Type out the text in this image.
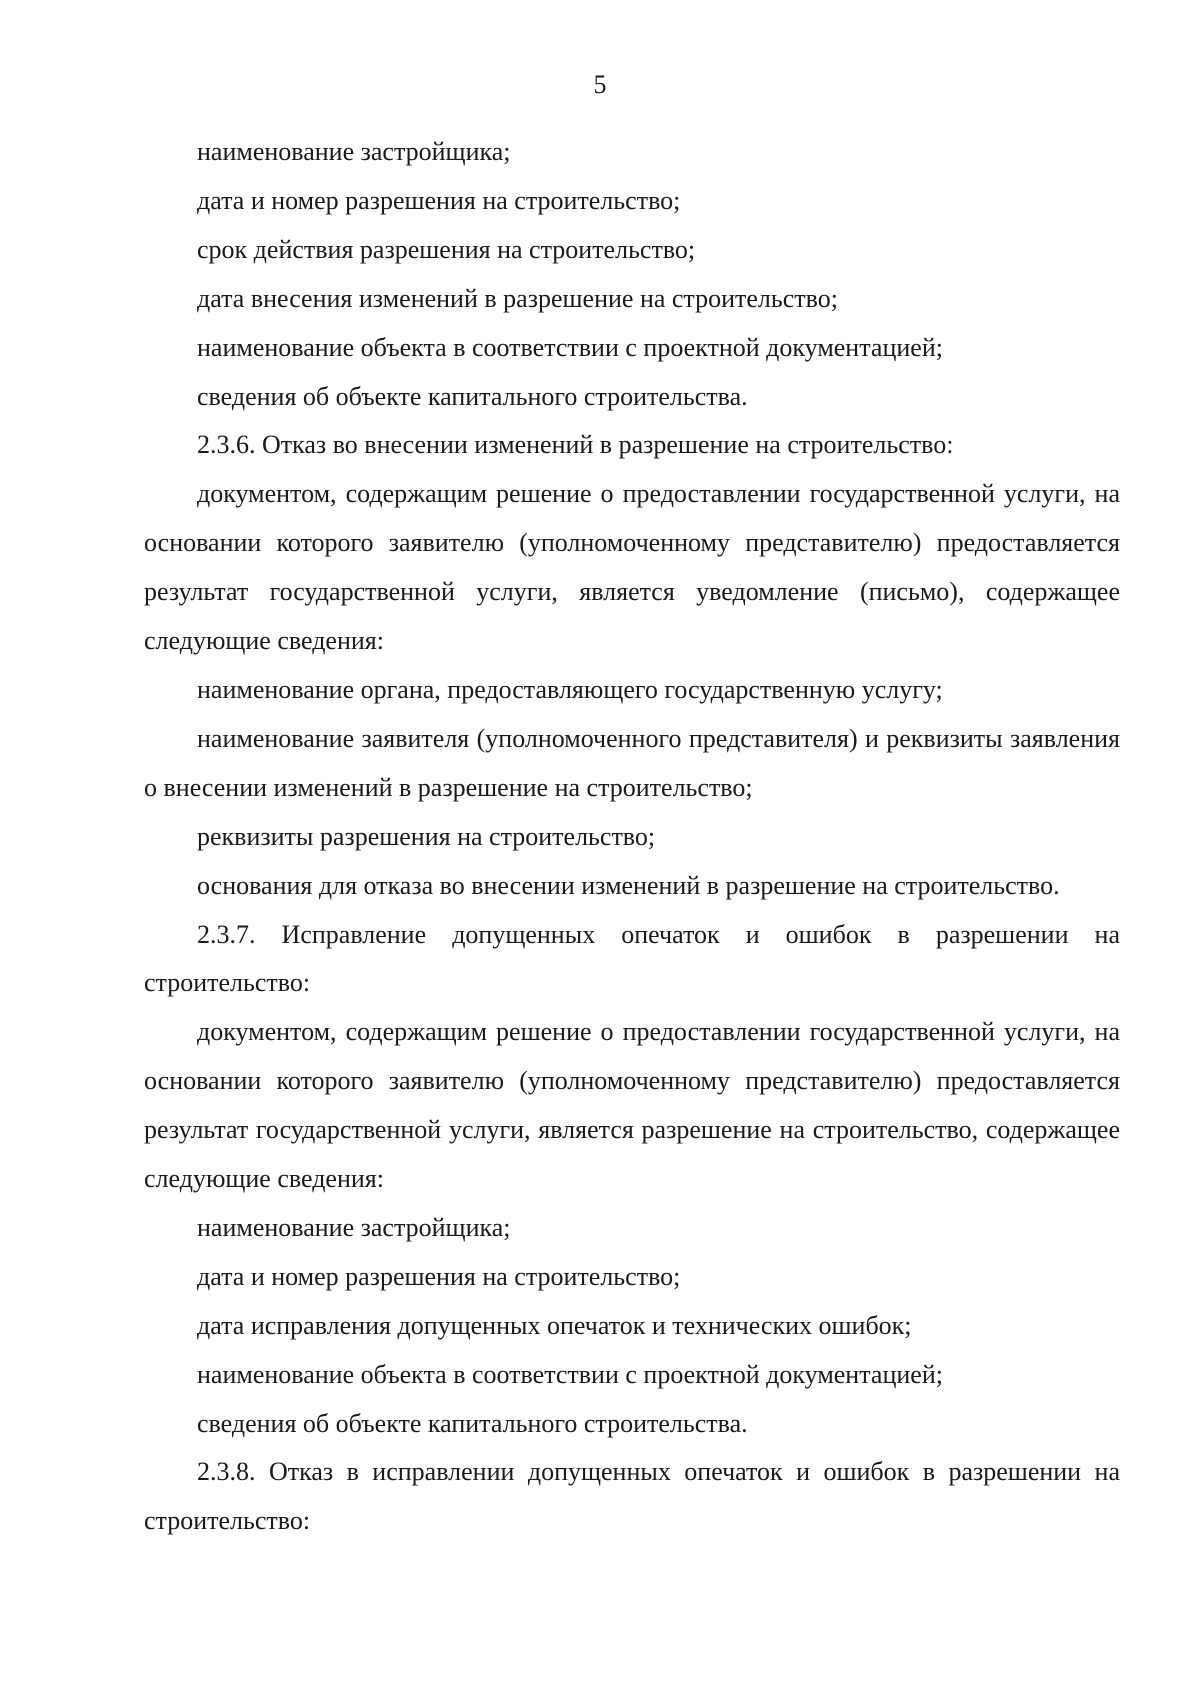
5

наименование застройщика;

дата и номер разрешения на строительство;

срок действия разрешения на строительство;

дата внесения изменений в разрешение на строительство;

наименование объекта в соответствии с проектной документацией;

сведения об объекте капитального строительства.

2.3.6. Отказ во внесении изменений в разрешение на строительство:

документом, содержащим решение о предоставлении государственной услуги, на основании которого заявителю (уполномоченному представителю) предоставляется результат государственной услуги, является уведомление (письмо), содержащее следующие сведения:

наименование органа, предоставляющего государственную услугу;

наименование заявителя (уполномоченного представителя) и реквизиты заявления о внесении изменений в разрешение на строительство;

реквизиты разрешения на строительство;

основания для отказа во внесении изменений в разрешение на строительство.

2.3.7. Исправление допущенных опечаток и ошибок в разрешении на строительство:

документом, содержащим решение о предоставлении государственной услуги, на основании которого заявителю (уполномоченному представителю) предоставляется результат государственной услуги, является разрешение на строительство, содержащее следующие сведения:

наименование застройщика;

дата и номер разрешения на строительство;

дата исправления допущенных опечаток и технических ошибок;

наименование объекта в соответствии с проектной документацией;

сведения об объекте капитального строительства.

2.3.8. Отказ в исправлении допущенных опечаток и ошибок в разрешении на строительство:
